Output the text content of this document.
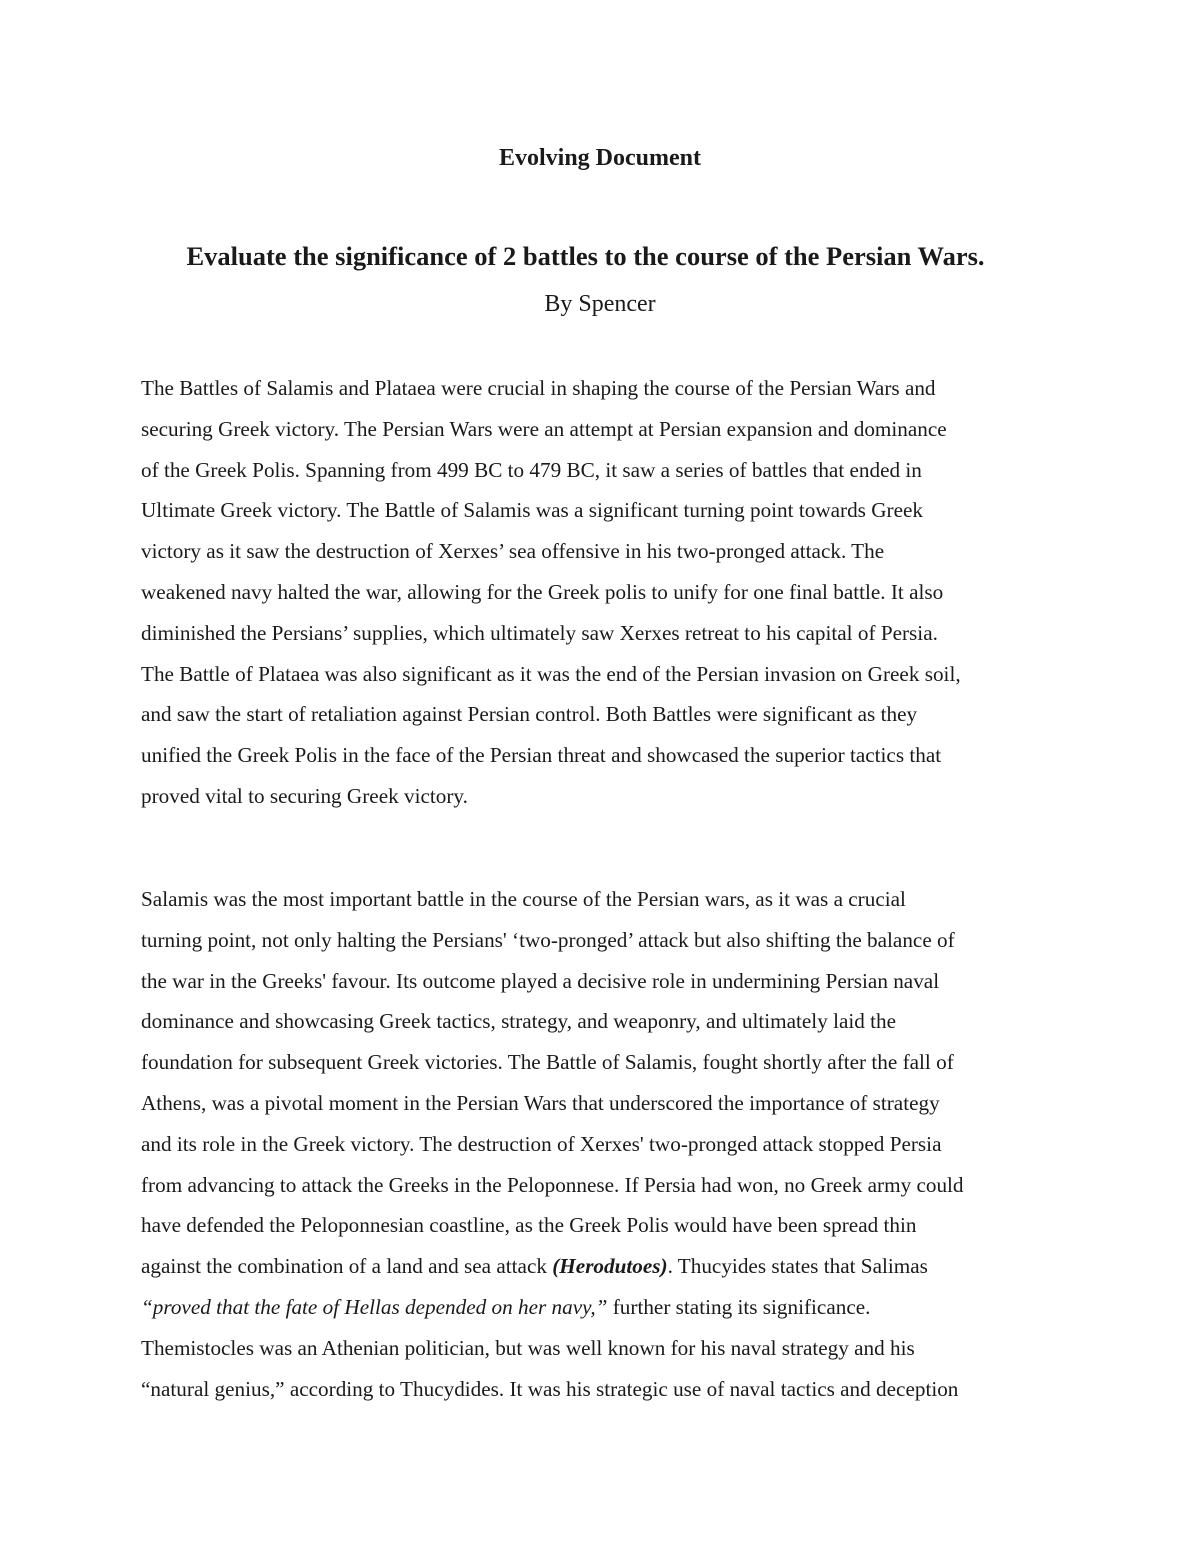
Evolving Document
Evaluate the significance of 2 battles to the course of the Persian Wars.
By Spencer
The Battles of Salamis and Plataea were crucial in shaping the course of the Persian Wars and
securing Greek victory. The Persian Wars were an attempt at Persian expansion and dominance
of the Greek Polis. Spanning from 499 BC to 479 BC, it saw a series of battles that ended in
Ultimate Greek victory. The Battle of Salamis was a significant turning point towards Greek
victory as it saw the destruction of Xerxes’ sea offensive in his two-pronged attack. The
weakened navy halted the war, allowing for the Greek polis to unify for one final battle. It also
diminished the Persians’ supplies, which ultimately saw Xerxes retreat to his capital of Persia.
The Battle of Plataea was also significant as it was the end of the Persian invasion on Greek soil,
and saw the start of retaliation against Persian control. Both Battles were significant as they
unified the Greek Polis in the face of the Persian threat and showcased the superior tactics that
proved vital to securing Greek victory.
Salamis was the most important battle in the course of the Persian wars, as it was a crucial
turning point, not only halting the Persians' ‘two-pronged’ attack but also shifting the balance of
the war in the Greeks' favour. Its outcome played a decisive role in undermining Persian naval
dominance and showcasing Greek tactics, strategy, and weaponry, and ultimately laid the
foundation for subsequent Greek victories. The Battle of Salamis, fought shortly after the fall of
Athens, was a pivotal moment in the Persian Wars that underscored the importance of strategy
and its role in the Greek victory. The destruction of Xerxes' two-pronged attack stopped Persia
from advancing to attack the Greeks in the Peloponnese. If Persia had won, no Greek army could
have defended the Peloponnesian coastline, as the Greek Polis would have been spread thin
against the combination of a land and sea attack (Herodutoes). Thucyides states that Salimas
“proved that the fate of Hellas depended on her navy,” further stating its significance.
Themistocles was an Athenian politician, but was well known for his naval strategy and his
“natural genius,” according to Thucydides. It was his strategic use of naval tactics and deception
